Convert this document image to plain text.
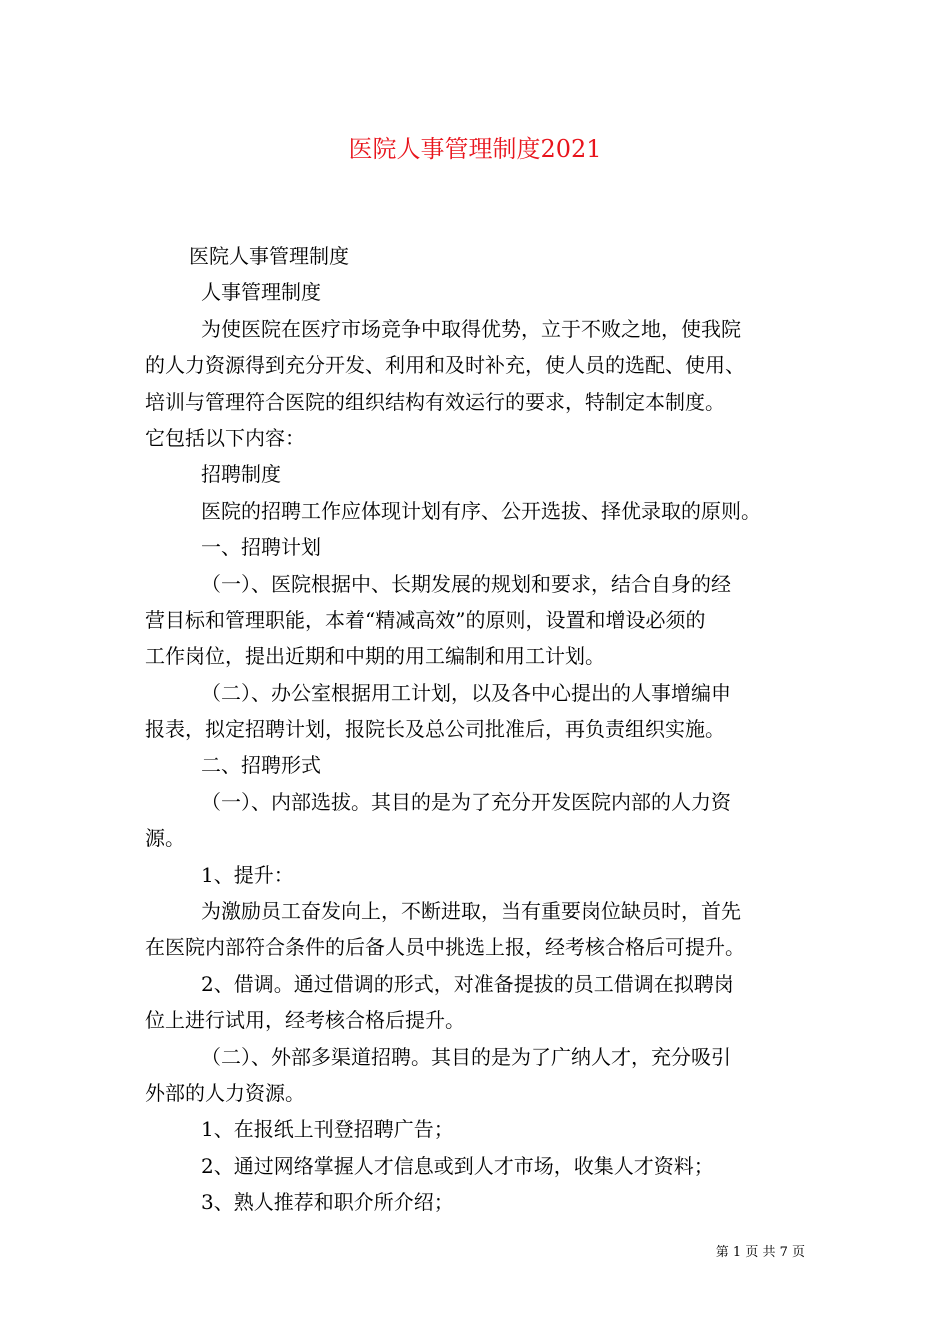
医院人事管理制度2021
医院人事管理制度
人事管理制度
为使医院在医疗市场竞争中取得优势，立于不败之地，使我院
的人力资源得到充分开发、利用和及时补充，使人员的选配、使用、
培训与管理符合医院的组织结构有效运行的要求，特制定本制度。
它包括以下内容：
招聘制度
医院的招聘工作应体现计划有序、公开选拔、择优录取的原则。
一、招聘计划
（一）、医院根据中、长期发展的规划和要求，结合自身的经
营目标和管理职能，本着“精减高效”的原则，设置和增设必须的
工作岗位，提出近期和中期的用工编制和用工计划。
（二）、办公室根据用工计划，以及各中心提出的人事增编申
报表，拟定招聘计划，报院长及总公司批准后，再负责组织实施。
二、招聘形式
（一）、内部选拔。其目的是为了充分开发医院内部的人力资
源。
1、提升：
为激励员工奋发向上，不断进取，当有重要岗位缺员时，首先
在医院内部符合条件的后备人员中挑选上报，经考核合格后可提升。
2、借调。通过借调的形式，对准备提拔的员工借调在拟聘岗
位上进行试用，经考核合格后提升。
（二）、外部多渠道招聘。其目的是为了广纳人才，充分吸引
外部的人力资源。
1、在报纸上刊登招聘广告；
2、通过网络掌握人才信息或到人才市场，收集人才资料；
3、熟人推荐和职介所介绍；
第 1 页 共 7 页
